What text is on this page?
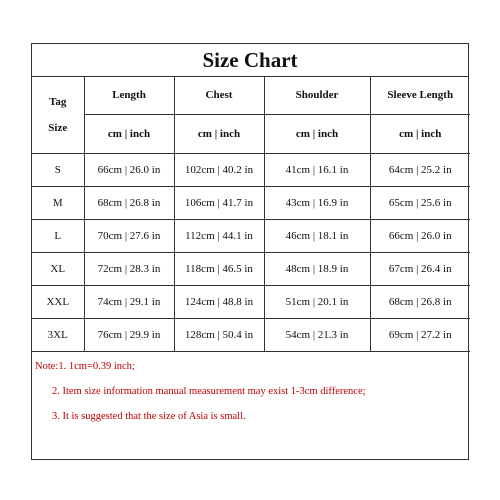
Size Chart
Tag
Size	Length	Chest	Shoulder	Sleeve Length
	cm | inch	cm | inch	cm | inch	cm | inch
S	66cm | 26.0 in	102cm | 40.2 in	41cm | 16.1 in	64cm | 25.2 in
M	68cm | 26.8 in	106cm | 41.7 in	43cm | 16.9 in	65cm | 25.6 in
L	70cm | 27.6 in	112cm | 44.1 in	46cm | 18.1 in	66cm | 26.0 in
XL	72cm | 28.3 in	118cm | 46.5 in	48cm | 18.9 in	67cm | 26.4 in
XXL	74cm | 29.1 in	124cm | 48.8 in	51cm | 20.1 in	68cm | 26.8 in
3XL	76cm | 29.9 in	128cm | 50.4 in	54cm | 21.3 in	69cm | 27.2 in
Note:1. 1cm=0.39 inch;
2. Item size information manual measurement may exist 1-3cm difference;
3. It is suggested that the size of Asia is small.
